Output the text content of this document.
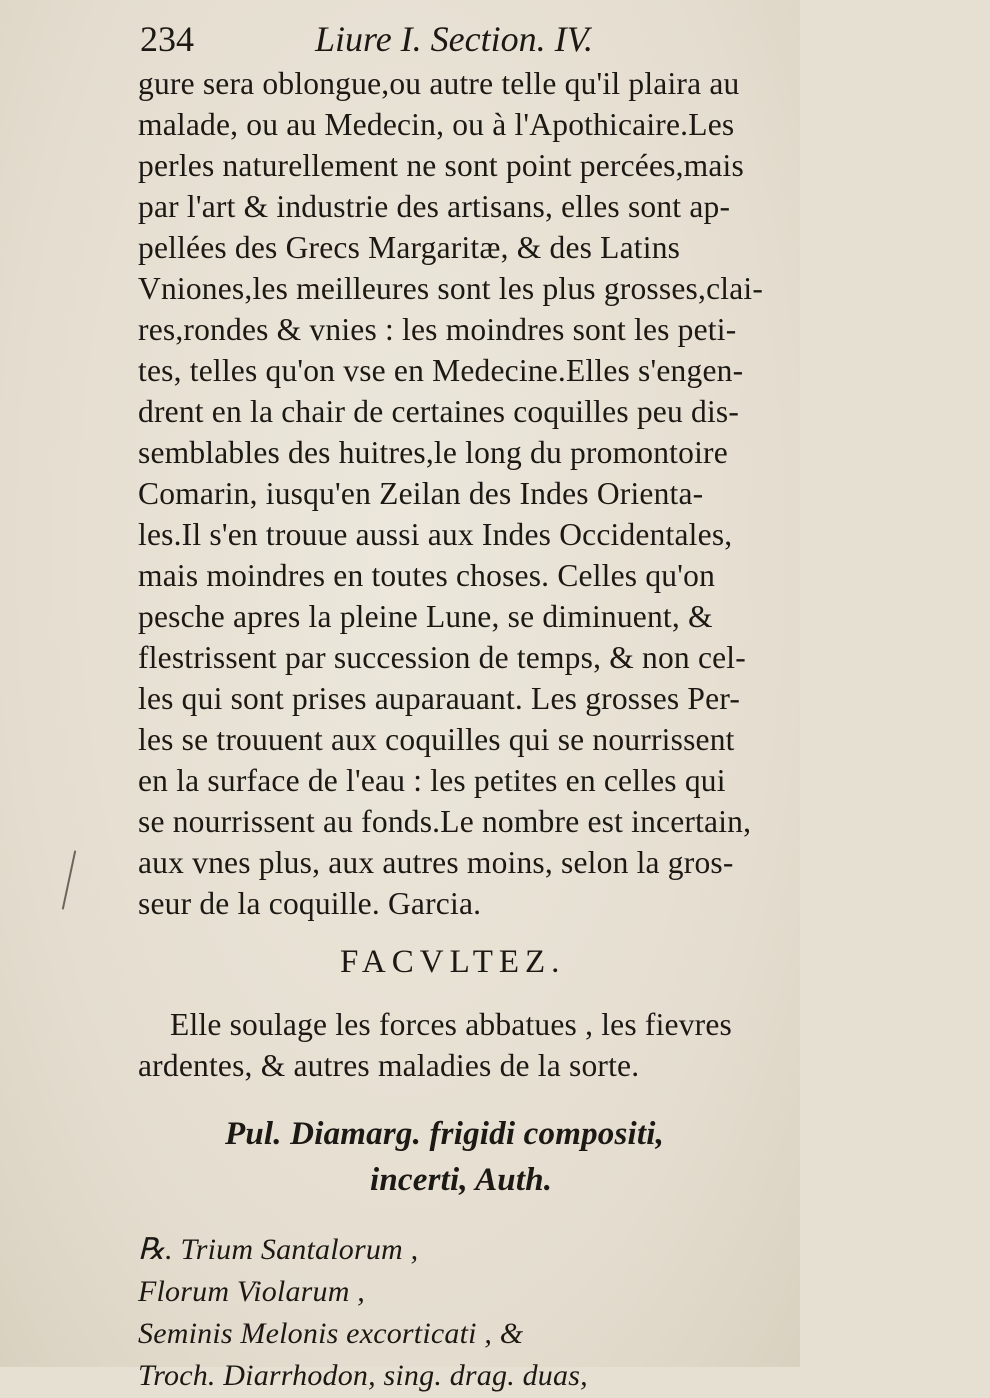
234	Liure I. Section. IV.
gure sera oblongue,ou autre telle qu'il plaira au
malade, ou au Medecin, ou à l'Apothicaire.Les
perles naturellement ne sont point percées,mais
par l'art & industrie des artisans, elles sont ap-
pellées des Grecs Margaritæ, & des Latins
Vniones,les meilleures sont les plus grosses,clai-
res,rondes & vnies : les moindres sont les peti-
tes, telles qu'on vse en Medecine.Elles s'engen-
drent en la chair de certaines coquilles peu dis-
semblables des huitres,le long du promontoire
Comarin, iusqu'en Zeilan des Indes Orienta-
les.Il s'en trouue aussi aux Indes Occidentales,
mais moindres en toutes choses. Celles qu'on
pesche apres la pleine Lune, se diminuent, &
flestrissent par succession de temps, & non cel-
les qui sont prises auparauant. Les grosses Per-
les se trouuent aux coquilles qui se nourrissent
en la surface de l'eau : les petites en celles qui
se nourrissent au fonds.Le nombre est incertain,
aux vnes plus, aux autres moins, selon la gros-
seur de la coquille. Garcia.
FACVLTEZ.
Elle soulage les forces abbatues , les fievres
ardentes, & autres maladies de la sorte.
Pul. Diamarg. frigidi compositi,
incerti, Auth.
℞. Trium Santalorum ,
Florum Violarum ,
Seminis Melonis excorticati , &
Troch. Diarrhodon, sing. drag. duas,
